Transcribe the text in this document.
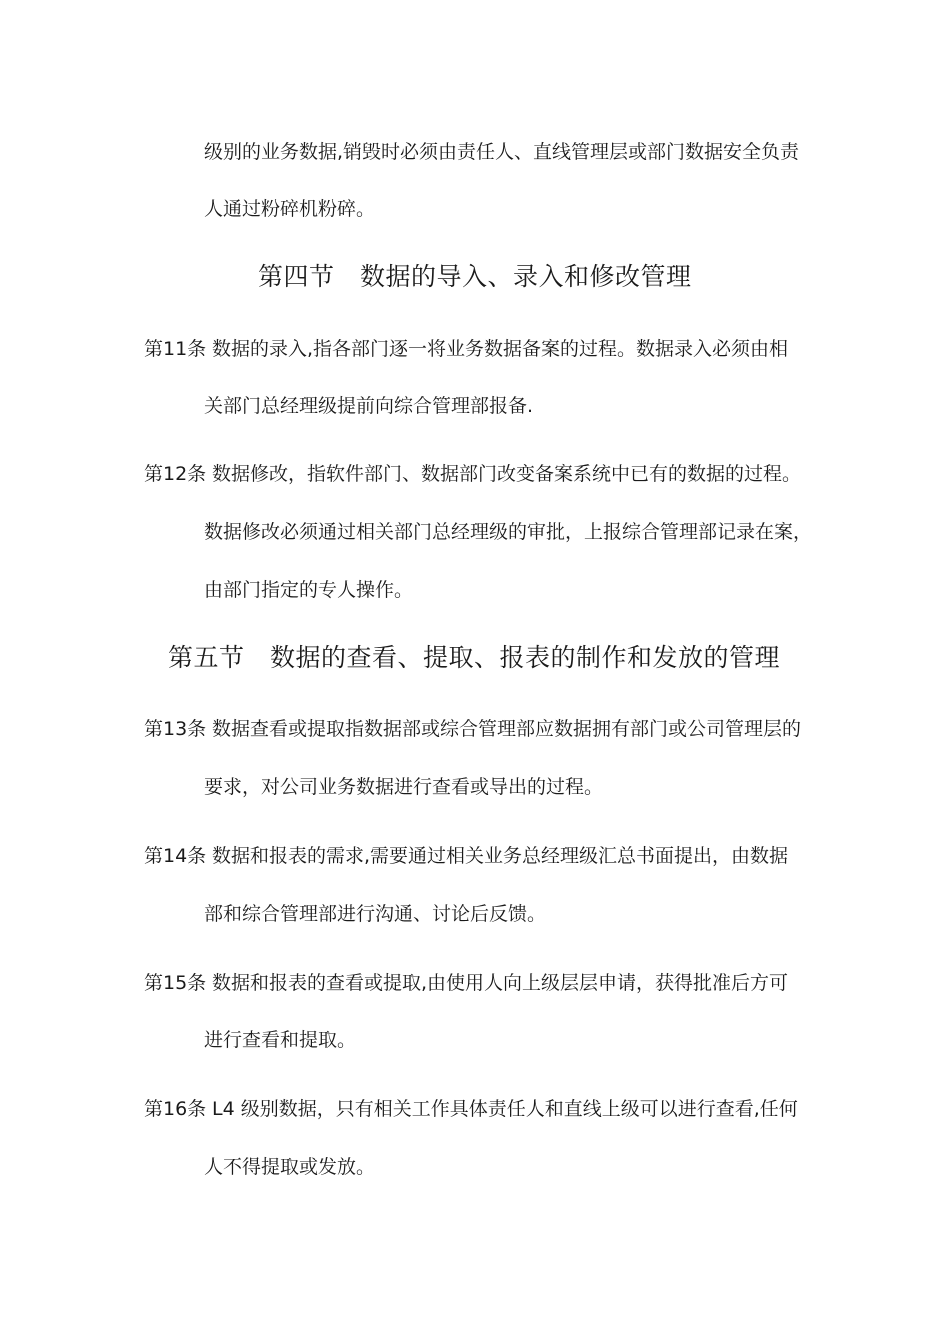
级别的业务数据,销毁时必须由责任人、直线管理层或部门数据安全负责
人通过粉碎机粉碎。
第四节　数据的导入、录入和修改管理
第11条 数据的录入,指各部门逐一将业务数据备案的过程。数据录入必须由相
关部门总经理级提前向综合管理部报备.
第12条 数据修改，指软件部门、数据部门改变备案系统中已有的数据的过程。
数据修改必须通过相关部门总经理级的审批，上报综合管理部记录在案，
由部门指定的专人操作。
第五节　数据的查看、提取、报表的制作和发放的管理
第13条 数据查看或提取指数据部或综合管理部应数据拥有部门或公司管理层的
要求，对公司业务数据进行查看或导出的过程。
第14条 数据和报表的需求,需要通过相关业务总经理级汇总书面提出，由数据
部和综合管理部进行沟通、讨论后反馈。
第15条 数据和报表的查看或提取,由使用人向上级层层申请，获得批准后方可
进行查看和提取。
第16条 L4 级别数据，只有相关工作具体责任人和直线上级可以进行查看,任何
人不得提取或发放。
